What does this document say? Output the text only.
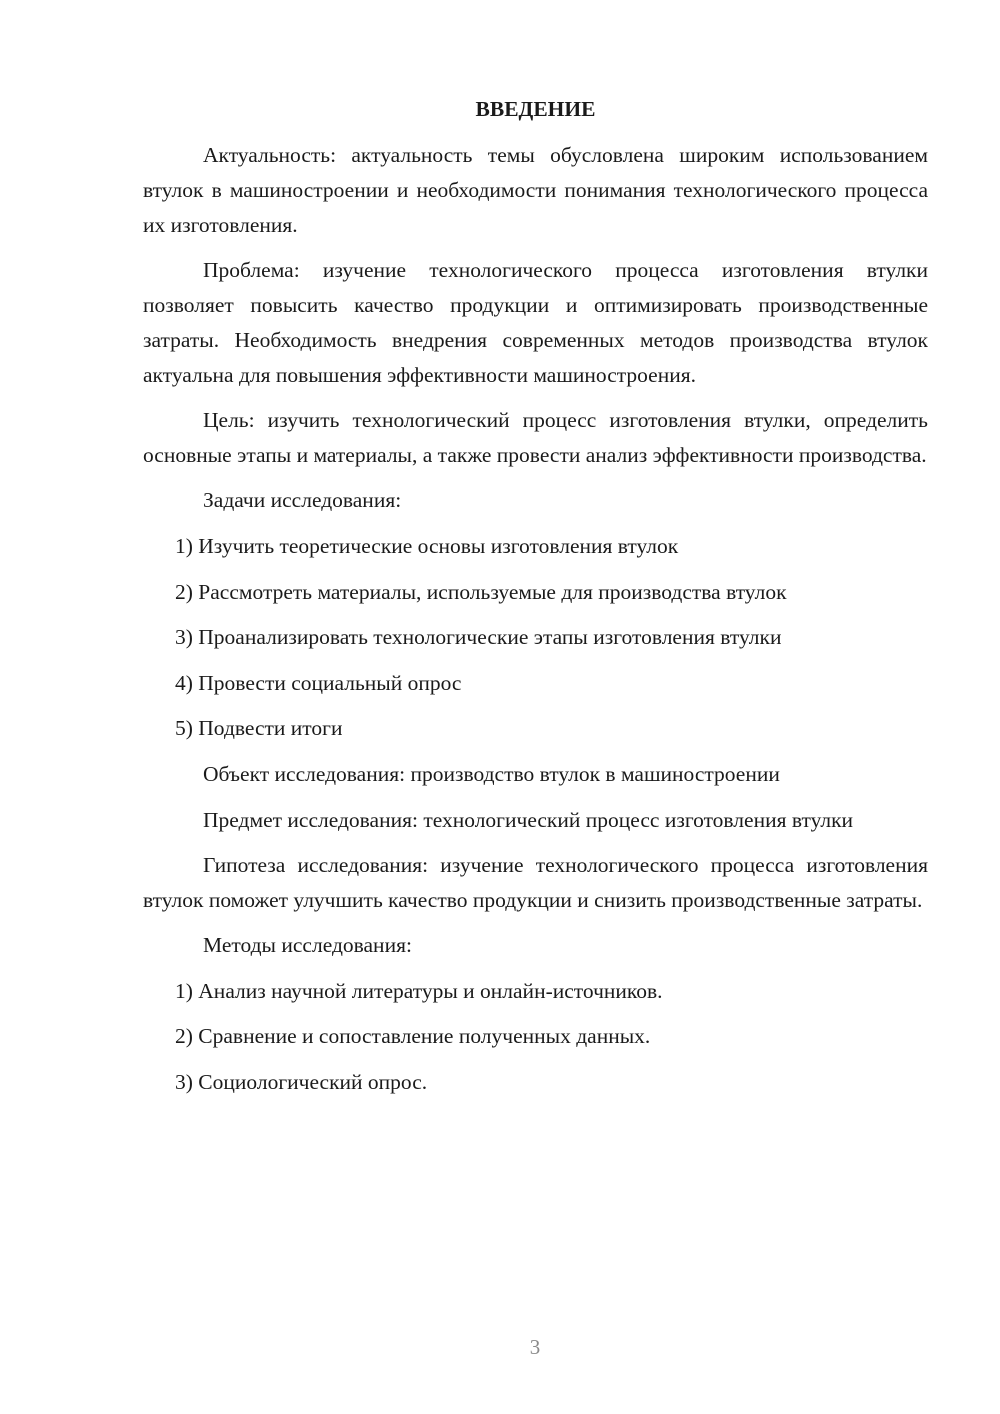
ВВЕДЕНИЕ

Актуальность: актуальность темы обусловлена широким использованием втулок в машиностроении и необходимости понимания технологического процесса их изготовления.

Проблема: изучение технологического процесса изготовления втулки позволяет повысить качество продукции и оптимизировать производственные затраты. Необходимость внедрения современных методов производства втулок актуальна для повышения эффективности машиностроения.

Цель: изучить технологический процесс изготовления втулки, определить основные этапы и материалы, а также провести анализ эффективности производства.

Задачи исследования:
1) Изучить теоретические основы изготовления втулок
2) Рассмотреть материалы, используемые для производства втулок
3) Проанализировать технологические этапы изготовления втулки
4) Провести социальный опрос
5) Подвести итоги
Объект исследования: производство втулок в машиностроении

Предмет исследования: технологический процесс изготовления втулки

Гипотеза исследования: изучение технологического процесса изготовления втулок поможет улучшить качество продукции и снизить производственные затраты.

Методы исследования:
1) Анализ научной литературы и онлайн-источников.
2) Сравнение и сопоставление полученных данных.
3) Социологический опрос.
3
